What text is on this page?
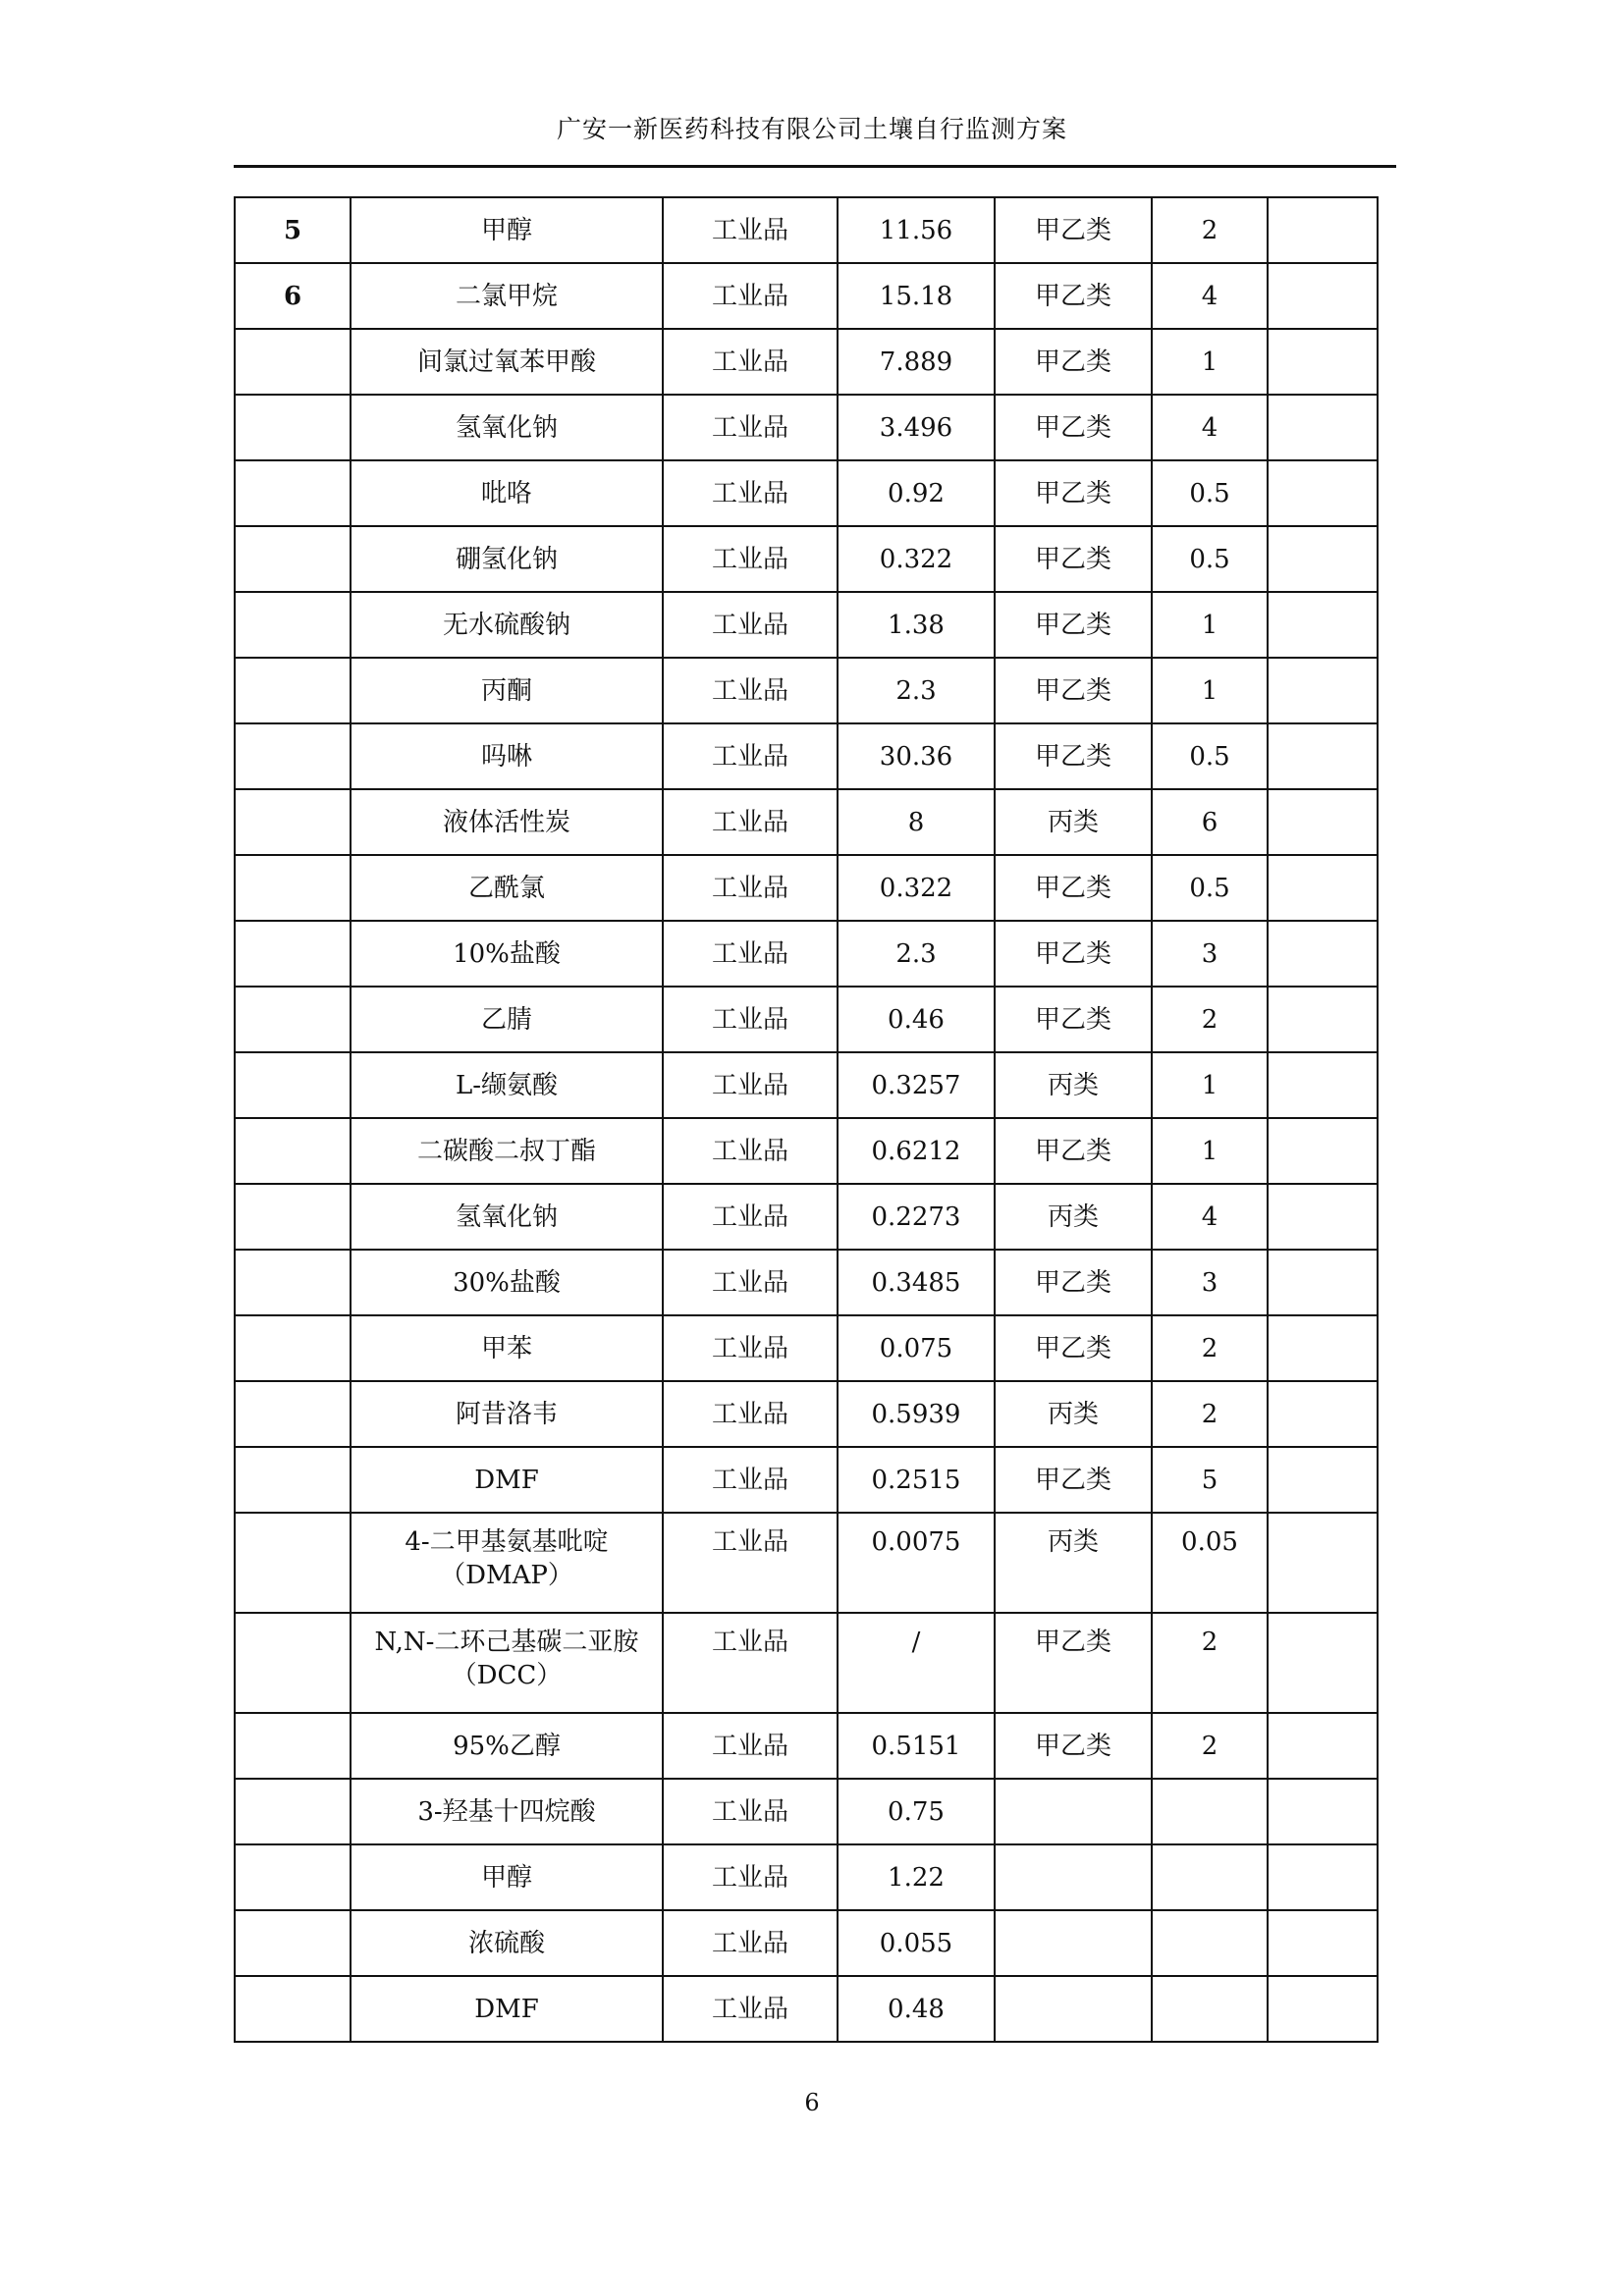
广安一新医药科技有限公司土壤自行监测方案
5	甲醇	工业品	11.56	甲乙类	2	
6	二氯甲烷	工业品	15.18	甲乙类	4	
	间氯过氧苯甲酸	工业品	7.889	甲乙类	1	
	氢氧化钠	工业品	3.496	甲乙类	4	
	吡咯	工业品	0.92	甲乙类	0.5	
	硼氢化钠	工业品	0.322	甲乙类	0.5	
	无水硫酸钠	工业品	1.38	甲乙类	1	
	丙酮	工业品	2.3	甲乙类	1	
	吗啉	工业品	30.36	甲乙类	0.5	
	液体活性炭	工业品	8	丙类	6	
	乙酰氯	工业品	0.322	甲乙类	0.5	
	10%盐酸	工业品	2.3	甲乙类	3	
	乙腈	工业品	0.46	甲乙类	2	
	L-缬氨酸	工业品	0.3257	丙类	1	
	二碳酸二叔丁酯	工业品	0.6212	甲乙类	1	
	氢氧化钠	工业品	0.2273	丙类	4	
	30%盐酸	工业品	0.3485	甲乙类	3	
	甲苯	工业品	0.075	甲乙类	2	
	阿昔洛韦	工业品	0.5939	丙类	2	
	DMF	工业品	0.2515	甲乙类	5	
	4-二甲基氨基吡啶（DMAP）	工业品	0.0075	丙类	0.05	
	N,N-二环己基碳二亚胺（DCC）	工业品	/	甲乙类	2	
	95%乙醇	工业品	0.5151	甲乙类	2	
	3-羟基十四烷酸	工业品	0.75			
	甲醇	工业品	1.22			
	浓硫酸	工业品	0.055			
	DMF	工业品	0.48			
6
